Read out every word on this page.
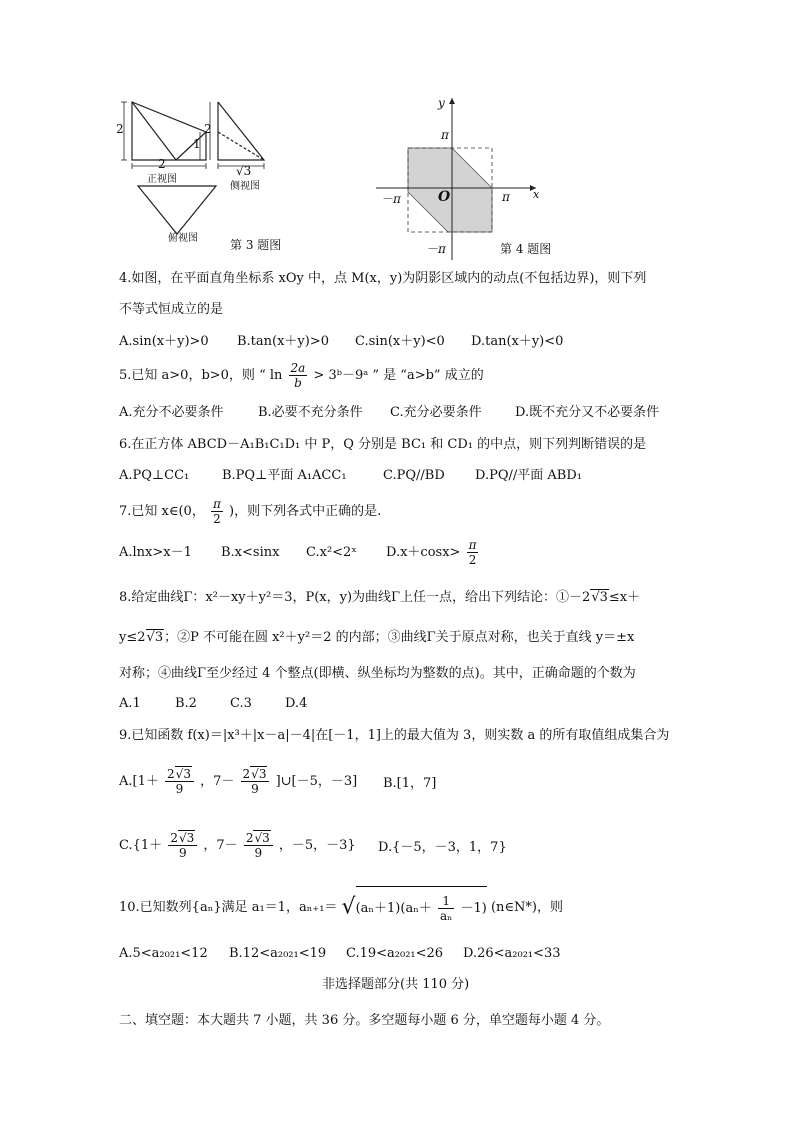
2
2
1
2
√3
正视图
侧视图
俯视图	第 3 题图
y
x
O
π
π
－π
－π	第 4 题图
4.如图，在平面直角坐标系 xOy 中，点 M(x，y)为阴影区域内的动点(不包括边界)，则下列
不等式恒成立的是
A.sin(x＋y)>0 B.tan(x＋y)>0 C.sin(x＋y)<0 D.tan(x＋y)<0
5.已知 a>0，b>0，则 “ $\ln \frac{2a}{b}$ > 3ᵇ－9ᵃ ” 是 “a>b” 成立的
A.充分不必要条件	B.必要不充分条件 C.充分必要条件	D.既不充分又不必要条件
6.在正方体 ABCD－A₁B₁C₁D₁ 中 P，Q 分别是 BC₁ 和 CD₁ 的中点，则下列判断错误的是
A.PQ⊥CC₁	B.PQ⊥平面 A₁ACC₁	C.PQ//BD D.PQ//平面 ABD₁
7.已知 x∈(0， $\frac{\pi}{2}$ )，则下列各式中正确的是.
A.lnx>x－1 B.x<sinx C.x²<2ˣ $D.x+\cos x> \frac{\pi}{2}$
8.给定曲线Γ：x²－xy＋y²＝3，P(x，y)为曲线Γ上任一点，给出下列结论：①－2√3≤x＋
y≤2√3；②P 不可能在圆 x²＋y²＝2 的内部；③曲线Γ关于原点对称，也关于直线 y＝±x
对称；④曲线Γ至少经过 4 个整点(即横、纵坐标均为整数的点)。其中，正确命题的个数为
A.1	B.2	C.3	D.4
9.已知函数 f(x)＝|x³＋|x－a|－4|在[－1，1]上的最大值为 3，则实数 a 的所有取值组成集合为
$A.[1+ \frac{2√3}{9}$ ，$7- \frac{2√3}{9}$ ]∪[－5，－3] B.[1，7]
$C.\{1+ \frac{2√3}{9}$ ，$7- \frac{2√3}{9}$ ，－5，－3} D.{－5，－3，1，7}
10.已知数列{aₙ}满足 a₁＝1，$a_{n+1}= √(a_n+1)(a_n+ \frac{1}{\text{aₙ}} -1)$ (n∈N*)，则
A.5<a₂₀₂₁<12 B.12<a₂₀₂₁<19 C.19<a₂₀₂₁<26 D.26<a₂₀₂₁<33
非选择题部分(共 110 分)
二、填空题：本大题共 7 小题，共 36 分。多空题每小题 6 分，单空题每小题 4 分。
